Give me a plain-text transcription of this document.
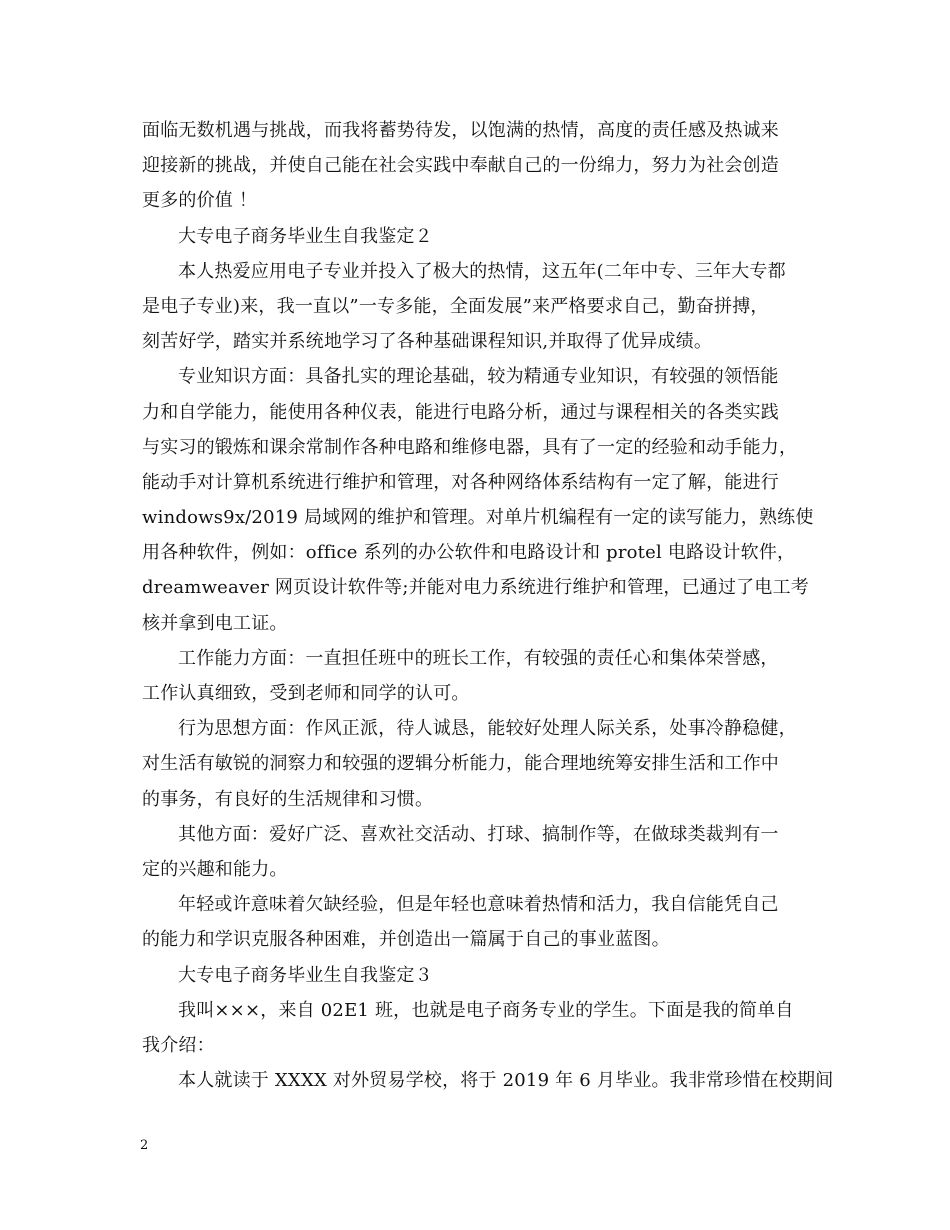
面临无数机遇与挑战，而我将蓄势待发，以饱满的热情，高度的责任感及热诚来
迎接新的挑战，并使自己能在社会实践中奉献自己的一份绵力，努力为社会创造
更多的价值 ！
大专电子商务毕业生自我鉴定２
本人热爱应用电子专业并投入了极大的热情，这五年(二年中专、三年大专都
是电子专业)来，我一直以”一专多能，全面发展”来严格要求自己，勤奋拼搏，
刻苦好学，踏实并系统地学习了各种基础课程知识,并取得了优异成绩。
专业知识方面：具备扎实的理论基础，较为精通专业知识，有较强的领悟能
力和自学能力，能使用各种仪表，能进行电路分析，通过与课程相关的各类实践
与实习的锻炼和课余常制作各种电路和维修电器，具有了一定的经验和动手能力，
能动手对计算机系统进行维护和管理，对各种网络体系结构有一定了解，能进行
windows9x/2019 局域网的维护和管理。对单片机编程有一定的读写能力，熟练使
用各种软件，例如：office 系列的办公软件和电路设计和 protel 电路设计软件，
dreamweaver 网页设计软件等;并能对电力系统进行维护和管理，已通过了电工考
核并拿到电工证。
工作能力方面：一直担任班中的班长工作，有较强的责任心和集体荣誉感，
工作认真细致，受到老师和同学的认可。
行为思想方面：作风正派，待人诚恳，能较好处理人际关系，处事冷静稳健，
对生活有敏锐的洞察力和较强的逻辑分析能力，能合理地统筹安排生活和工作中
的事务，有良好的生活规律和习惯。
其他方面：爱好广泛、喜欢社交活动、打球、搞制作等，在做球类裁判有一
定的兴趣和能力。
年轻或许意味着欠缺经验，但是年轻也意味着热情和活力，我自信能凭自己
的能力和学识克服各种困难，并创造出一篇属于自己的事业蓝图。
大专电子商务毕业生自我鉴定３
我叫×××，来自 02E1 班，也就是电子商务专业的学生。下面是我的简单自
我介绍：
本人就读于 XXXX 对外贸易学校，将于 2019 年 6 月毕业。我非常珍惜在校期间
2
